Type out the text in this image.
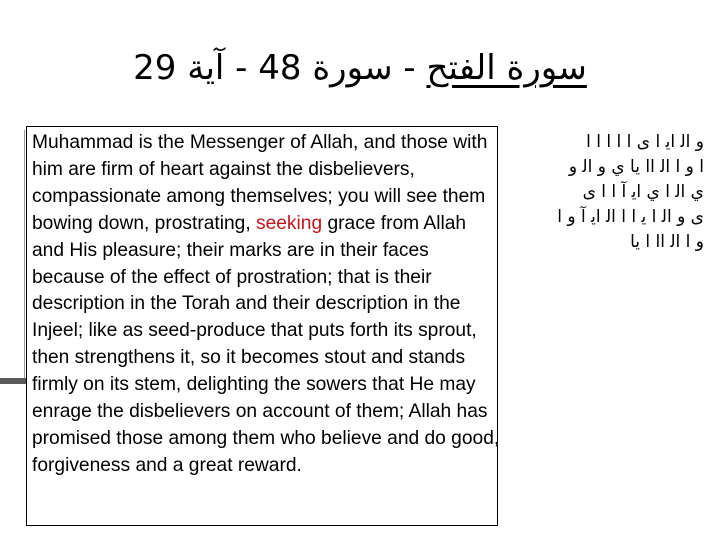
سورة الفتح - سورة 48 - آية 29

Muhammad is the Messenger of Allah, and those with him are firm of heart against the disbelievers, compassionate among themselves; you will see them bowing down, prostrating, seeking grace from Allah and His pleasure; their marks are in their faces because of the effect of prostration; that is their description in the Torah and their description in the Injeel; like as seed-produce that puts forth its sprout, then strengthens it, so it becomes stout and stands firmly on its stem, delighting the sowers that He may enrage the disbelievers on account of them; Allah has promised those among them who believe and do good, forgiveness and a great reward.

و ﺍﻟ ﺍﻳ ﺍ ﻯ ﺍ ﺍ ﺍ ﺍ ﺍ
ﺍ و ﺍ ﺍﻟ ﺍﺍ ﻳﺎ ﻱ و ﺍﻟ و
ﻱ ﺍﻟ ﺍ ﻱ ﺍﻳ ﺁ ﺍ ﺍ ﻯ
ﻯ و ﺍﻟ ﺍ ﻳ ﺍ ﺍ ﺍﻟ ﺍﻳ ﺁ و ﺍ
و ﺍ ﺍﻟ ﺍﺍ ﺍ ﻳﺎ
